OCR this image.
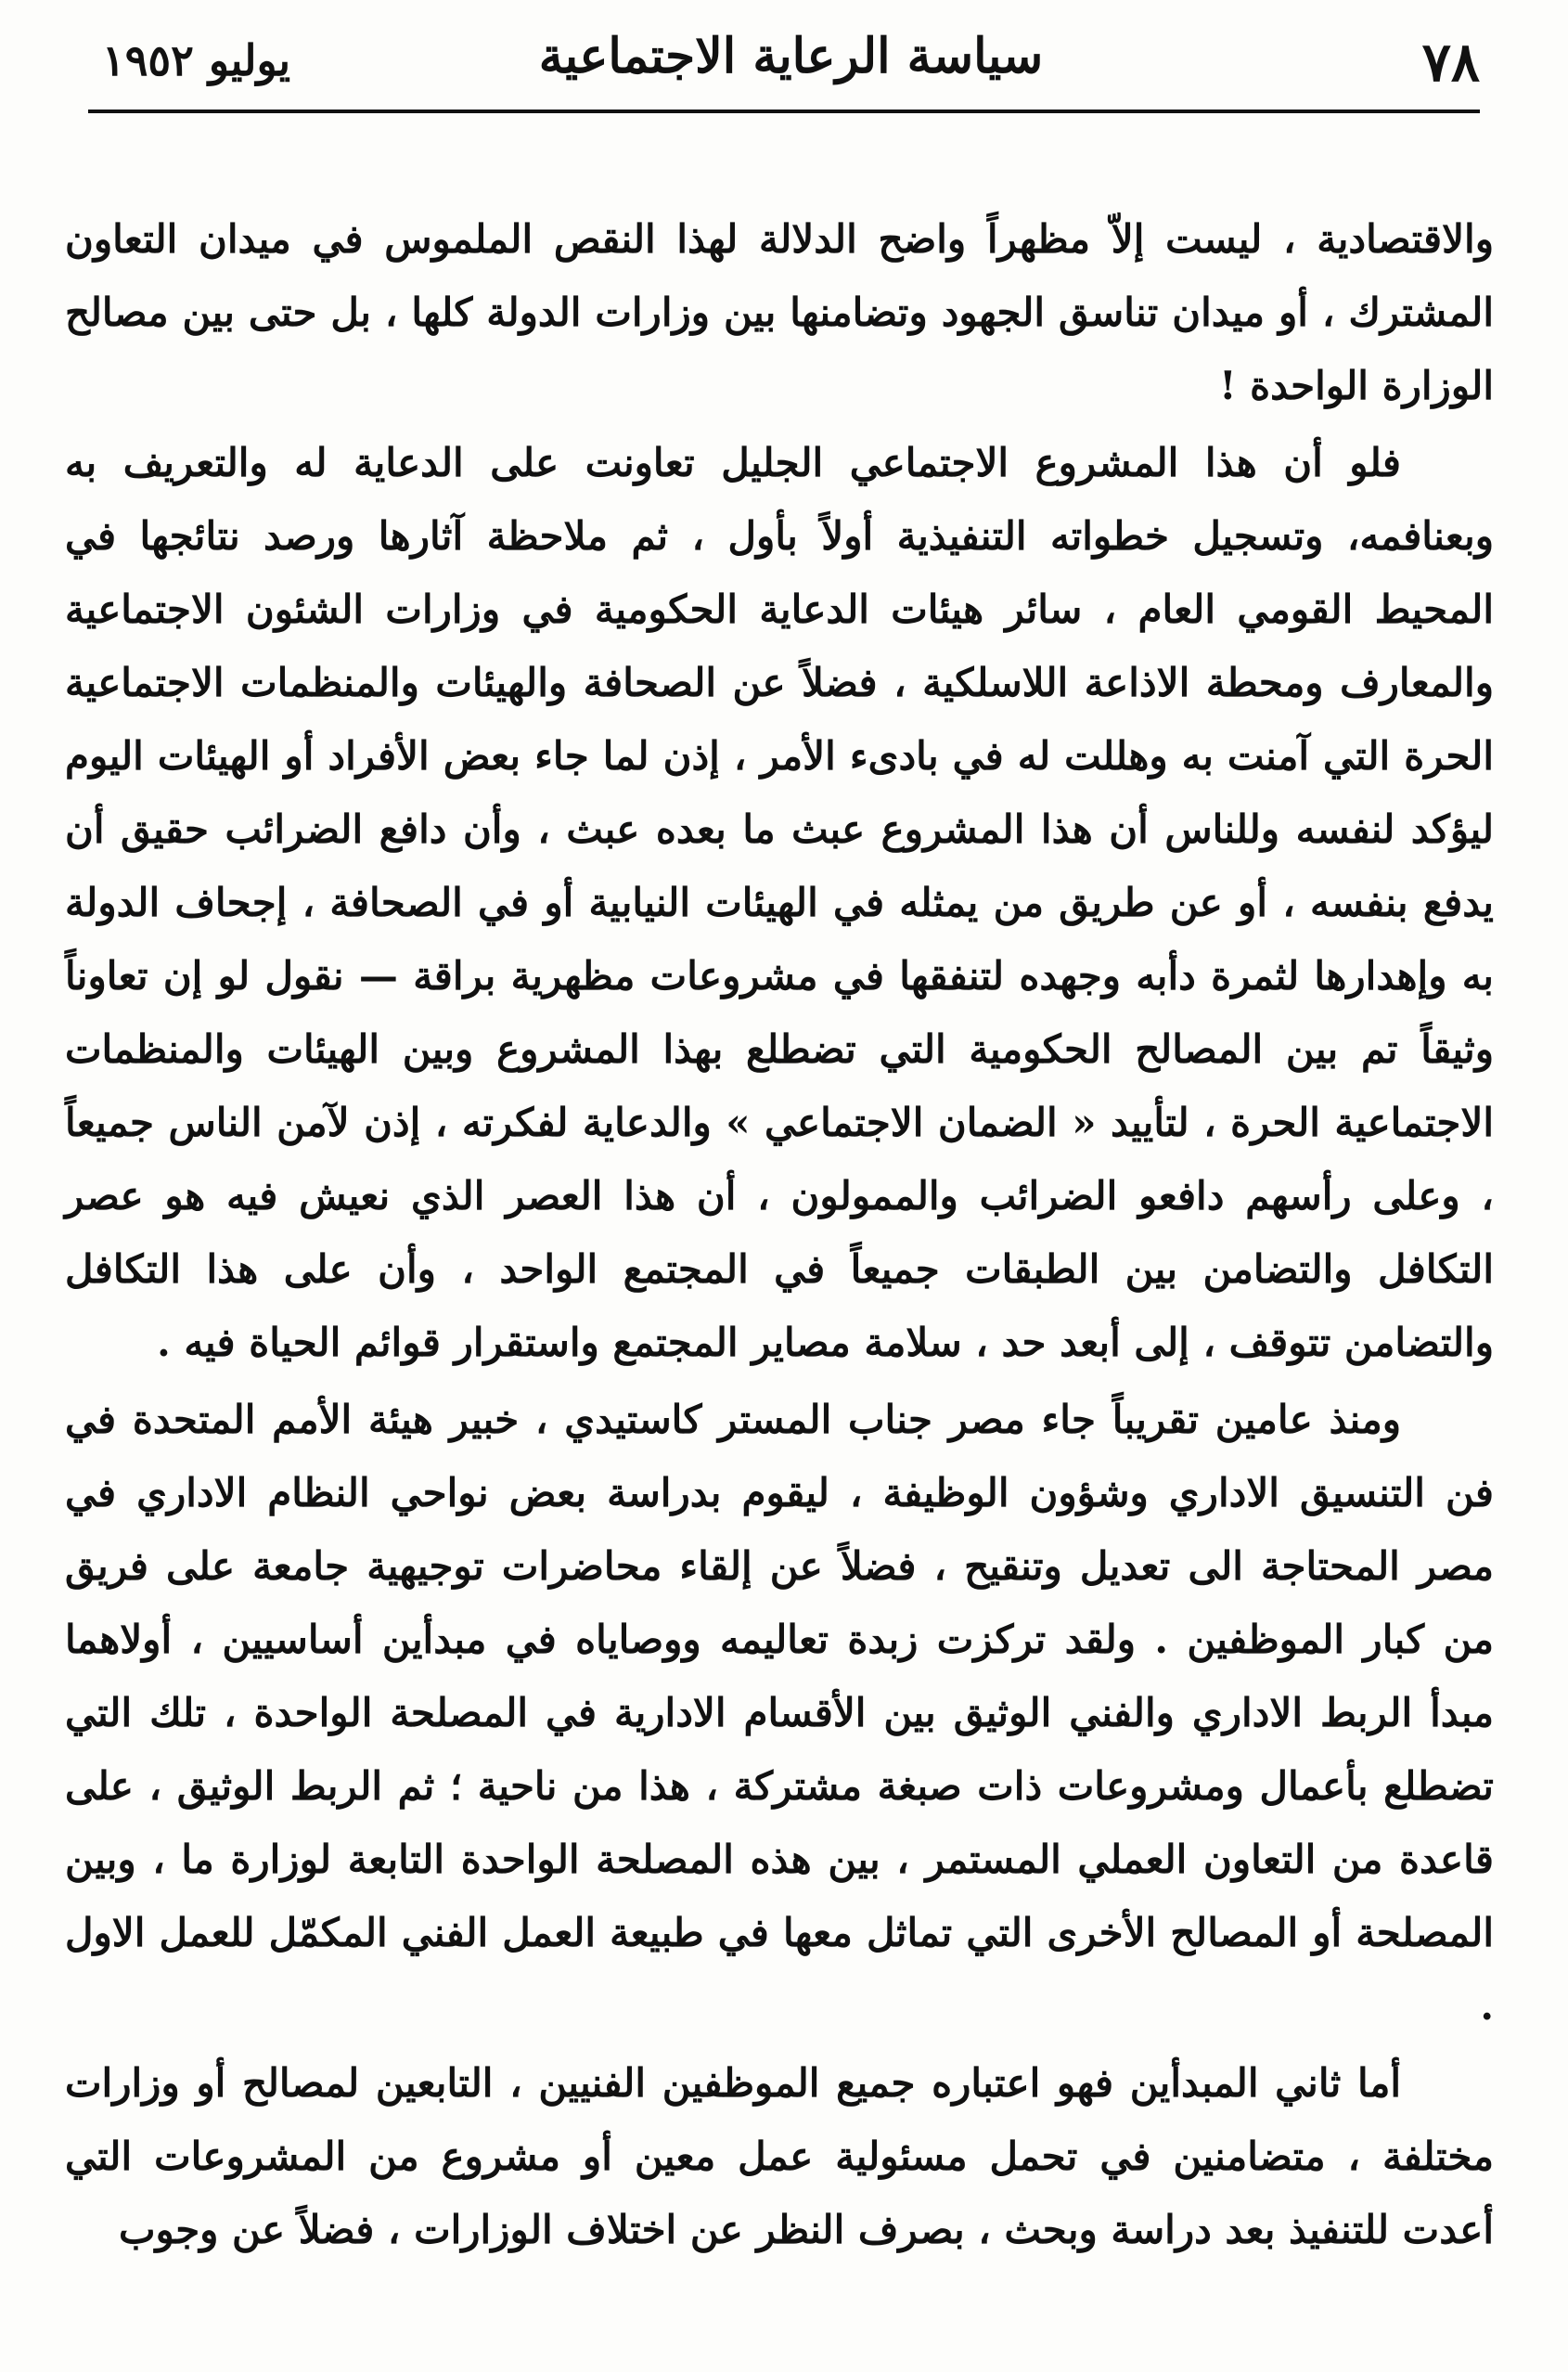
٧٨
سياسة الرعاية الاجتماعية
يوليو ١٩٥٢

والاقتصادية ، ليست إلاّ مظهراً واضح الدلالة لهذا النقص الملموس في ميدان التعاون المشترك ، أو ميدان تناسق الجهود وتضامنها بين وزارات الدولة كلها ، بل حتى بين مصالح الوزارة الواحدة !

فلو أن هذا المشروع الاجتماعي الجليل تعاونت على الدعاية له والتعريف به وبعنافمه، وتسجيل خطواته التنفيذية أولاً بأول ، ثم ملاحظة آثارها ورصد نتائجها في المحيط القومي العام ، سائر هيئات الدعاية الحكومية في وزارات الشئون الاجتماعية والمعارف ومحطة الاذاعة اللاسلكية ، فضلاً عن الصحافة والهيئات والمنظمات الاجتماعية الحرة التي آمنت به وهللت له في بادىء الأمر ، إذن لما جاء بعض الأفراد أو الهيئات اليوم ليؤكد لنفسه وللناس أن هذا المشروع عبث ما بعده عبث ، وأن دافع الضرائب حقيق أن يدفع بنفسه ، أو عن طريق من يمثله في الهيئات النيابية أو في الصحافة ، إجحاف الدولة به وإهدارها لثمرة دأبه وجهده لتنفقها في مشروعات مظهرية براقة — نقول لو إن تعاوناً وثيقاً تم بين المصالح الحكومية التي تضطلع بهذا المشروع وبين الهيئات والمنظمات الاجتماعية الحرة ، لتأييد « الضمان الاجتماعي » والدعاية لفكرته ، إذن لآمن الناس جميعاً ، وعلى رأسهم دافعو الضرائب والممولون ، أن هذا العصر الذي نعيش فيه هو عصر التكافل والتضامن بين الطبقات جميعاً في المجتمع الواحد ، وأن على هذا التكافل والتضامن تتوقف ، إلى أبعد حد ، سلامة مصاير المجتمع واستقرار قوائم الحياة فيه .

ومنذ عامين تقريباً جاء مصر جناب المستر كاستيدي ، خبير هيئة الأمم المتحدة في فن التنسيق الاداري وشؤون الوظيفة ، ليقوم بدراسة بعض نواحي النظام الاداري في مصر المحتاجة الى تعديل وتنقيح ، فضلاً عن إلقاء محاضرات توجيهية جامعة على فريق من كبار الموظفين . ولقد تركزت زبدة تعاليمه ووصاياه في مبدأين أساسيين ، أولاهما مبدأ الربط الاداري والفني الوثيق بين الأقسام الادارية في المصلحة الواحدة ، تلك التي تضطلع بأعمال ومشروعات ذات صبغة مشتركة ، هذا من ناحية ؛ ثم الربط الوثيق ، على قاعدة من التعاون العملي المستمر ، بين هذه المصلحة الواحدة التابعة لوزارة ما ، وبين المصلحة أو المصالح الأخرى التي تماثل معها في طبيعة العمل الفني المكمّل للعمل الاول .

أما ثاني المبدأين فهو اعتباره جميع الموظفين الفنيين ، التابعين لمصالح أو وزارات مختلفة ، متضامنين في تحمل مسئولية عمل معين أو مشروع من المشروعات التي أعدت للتنفيذ بعد دراسة وبحث ، بصرف النظر عن اختلاف الوزارات ، فضلاً عن وجوب
